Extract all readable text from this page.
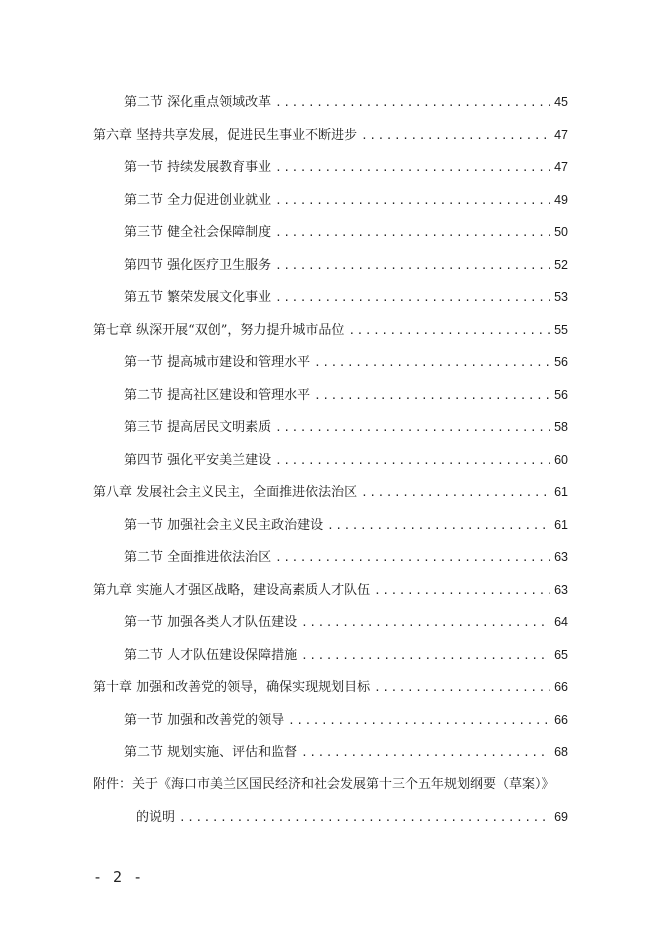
第二节 深化重点领域改革 .....	45
第六章 坚持共享发展，促进民生事业不断进步 .....	47
第一节 持续发展教育事业 .....	47
第二节 全力促进创业就业 .....	49
第三节 健全社会保障制度 .....	50
第四节 强化医疗卫生服务 .....	52
第五节 繁荣发展文化事业 .....	53
第七章 纵深开展“双创”，努力提升城市品位 .....	55
第一节 提高城市建设和管理水平 .....	56
第二节 提高社区建设和管理水平 .....	56
第三节 提高居民文明素质 .....	58
第四节 强化平安美兰建设 .....	60
第八章 发展社会主义民主，全面推进依法治区 .....	61
第一节 加强社会主义民主政治建设 .....	61
第二节 全面推进依法治区 .....	63
第九章 实施人才强区战略，建设高素质人才队伍 .....	63
第一节 加强各类人才队伍建设 .....	64
第二节 人才队伍建设保障措施 .....	65
第十章 加强和改善党的领导，确保实现规划目标 .....	66
第一节 加强和改善党的领导 .....	66
第二节 规划实施、评估和监督 .....	68
附件：关于《海口市美兰区国民经济和社会发展第十三个五年规划纲要（草案）》
的说明 .....	69
- 2 -
